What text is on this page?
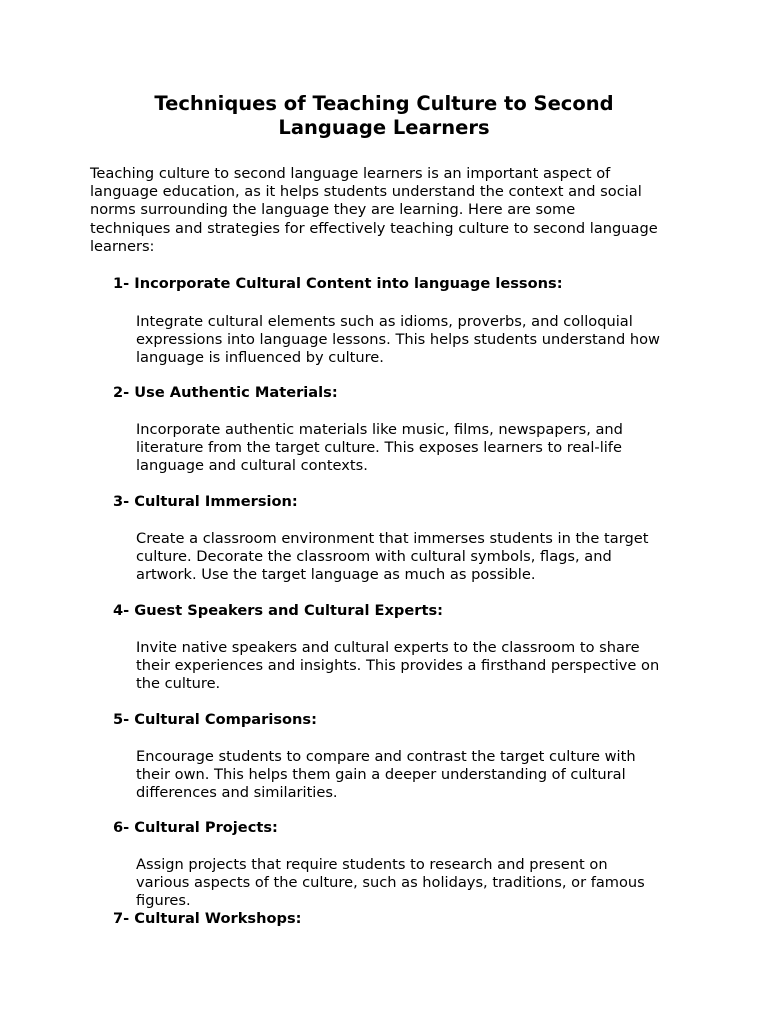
Techniques of Teaching Culture to Second
Language Learners

Teaching culture to second language learners is an important aspect of
language education, as it helps students understand the context and social
norms surrounding the language they are learning. Here are some
techniques and strategies for effectively teaching culture to second language
learners:

1- Incorporate Cultural Content into language lessons:

Integrate cultural elements such as idioms, proverbs, and colloquial
expressions into language lessons. This helps students understand how
language is influenced by culture.

2- Use Authentic Materials:

Incorporate authentic materials like music, films, newspapers, and
literature from the target culture. This exposes learners to real-life
language and cultural contexts.

3- Cultural Immersion:

Create a classroom environment that immerses students in the target
culture. Decorate the classroom with cultural symbols, flags, and
artwork. Use the target language as much as possible.

4- Guest Speakers and Cultural Experts:

Invite native speakers and cultural experts to the classroom to share
their experiences and insights. This provides a firsthand perspective on
the culture.

5- Cultural Comparisons:

Encourage students to compare and contrast the target culture with
their own. This helps them gain a deeper understanding of cultural
differences and similarities.

6- Cultural Projects:

Assign projects that require students to research and present on
various aspects of the culture, such as holidays, traditions, or famous
figures.

7- Cultural Workshops:
